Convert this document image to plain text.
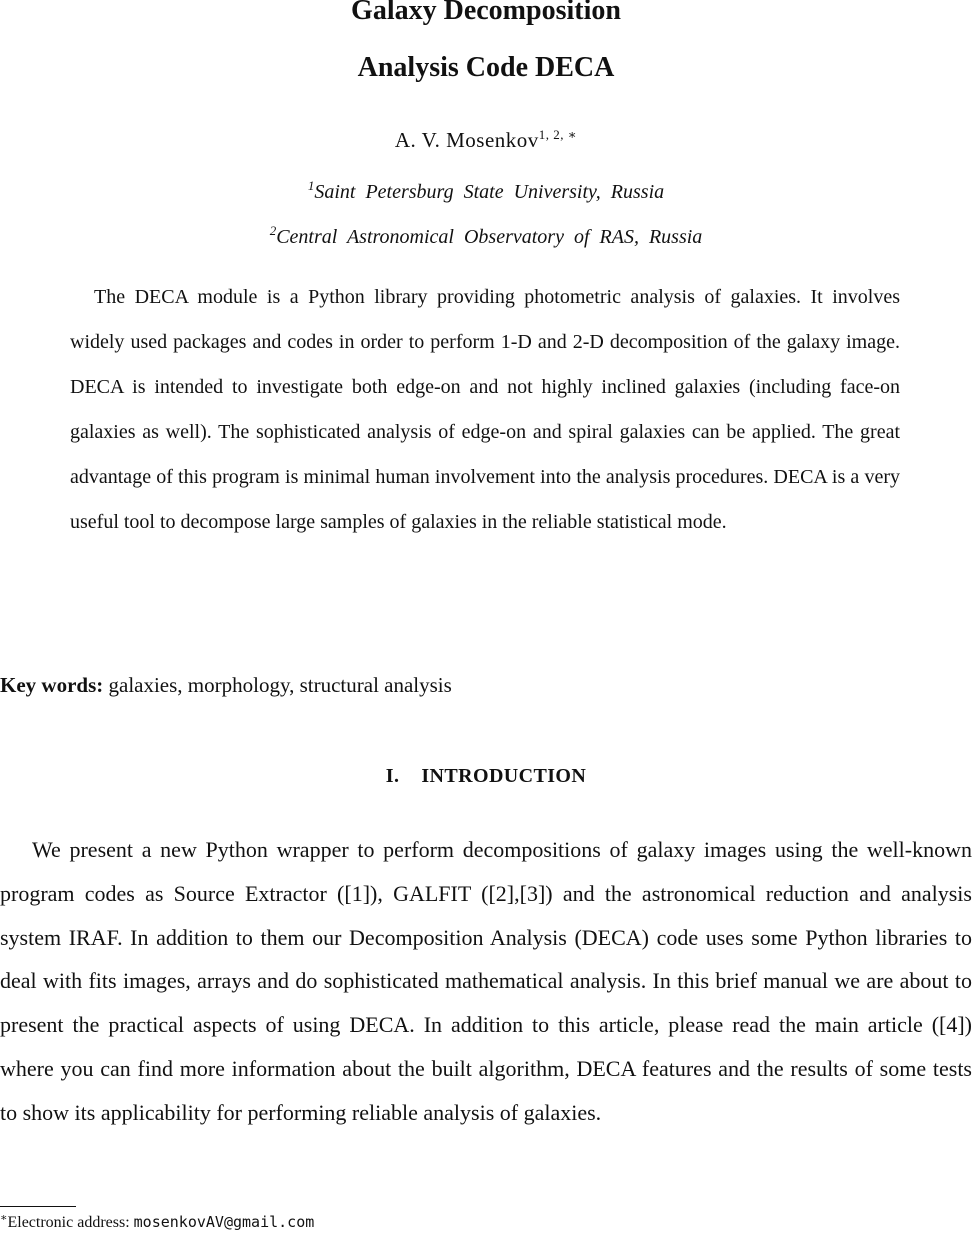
Galaxy Decomposition
Analysis Code DECA
A. V. Mosenkov$^{1, 2, ∗}$
$^1$Saint Petersburg State University, Russia
$^2$Central Astronomical Observatory of RAS, Russia

The DECA module is a Python library providing photometric analysis of galaxies. It involves widely used packages and codes in order to perform 1-D and 2-D decomposition of the galaxy image. DECA is intended to investigate both edge-on and not highly inclined galaxies (including face-on galaxies as well). The sophisticated analysis of edge-on and spiral galaxies can be applied. The great advantage of this program is minimal human involvement into the analysis procedures. DECA is a very useful tool to decompose large samples of galaxies in the reliable statistical mode.

Key words: galaxies, morphology, structural analysis

I. INTRODUCTION

We present a new Python wrapper to perform decompositions of galaxy images using the well-known program codes as Source Extractor ([1]), GALFIT ([2],[3]) and the astronomical reduction and analysis system IRAF. In addition to them our Decomposition Analysis (DECA) code uses some Python libraries to deal with fits images, arrays and do sophisticated mathematical analysis. In this brief manual we are about to present the practical aspects of using DECA. In addition to this article, please read the main article ([4]) where you can find more information about the built algorithm, DECA features and the results of some tests to show its applicability for performing reliable analysis of galaxies.

∗Electronic address: mosenkovAV@gmail.com
